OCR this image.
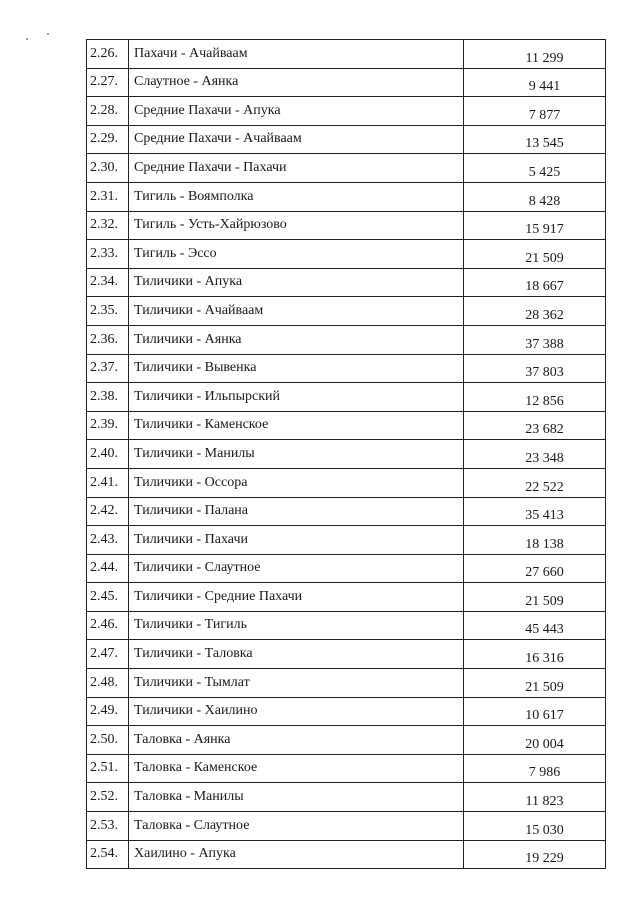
2.26.	Пахачи - Ачайваам	11 299
2.27.	Слаутное - Аянка	9 441
2.28.	Средние Пахачи - Апука	7 877
2.29.	Средние Пахачи - Ачайваам	13 545
2.30.	Средние Пахачи - Пахачи	5 425
2.31.	Тигиль - Воямполка	8 428
2.32.	Тигиль - Усть-Хайрюзово	15 917
2.33.	Тигиль - Эссо	21 509
2.34.	Тиличики - Апука	18 667
2.35.	Тиличики - Ачайваам	28 362
2.36.	Тиличики - Аянка	37 388
2.37.	Тиличики - Вывенка	37 803
2.38.	Тиличики - Ильпырский	12 856
2.39.	Тиличики - Каменское	23 682
2.40.	Тиличики - Манилы	23 348
2.41.	Тиличики - Оссора	22 522
2.42.	Тиличики - Палана	35 413
2.43.	Тиличики - Пахачи	18 138
2.44.	Тиличики - Слаутное	27 660
2.45.	Тиличики - Средние Пахачи	21 509
2.46.	Тиличики - Тигиль	45 443
2.47.	Тиличики - Таловка	16 316
2.48.	Тиличики - Тымлат	21 509
2.49.	Тиличики - Хаилино	10 617
2.50.	Таловка - Аянка	20 004
2.51.	Таловка - Каменское	7 986
2.52.	Таловка - Манилы	11 823
2.53.	Таловка - Слаутное	15 030
2.54.	Хаилино - Апука	19 229
